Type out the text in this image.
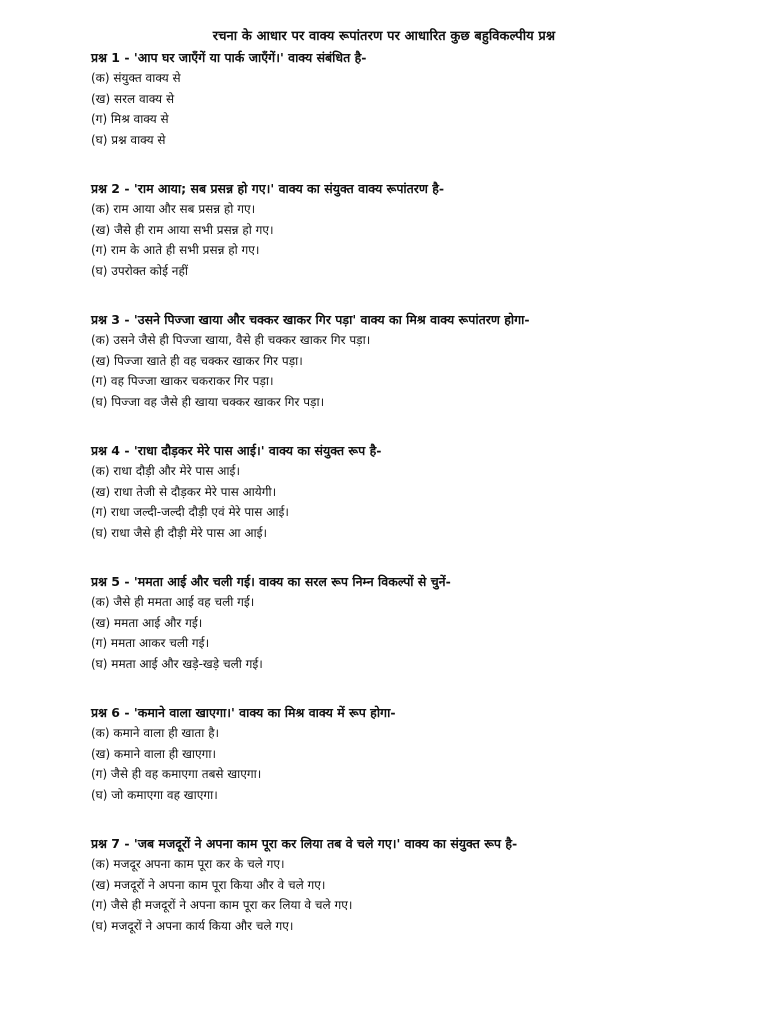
रचना के आधार पर वाक्य रूपांतरण पर आधारित कुछ बहुविकल्पीय प्रश्न
प्रश्न 1 - 'आप घर जाएँगें या पार्क जाएँगें।' वाक्य संबंधित है-
(क) संयुक्त वाक्य से
(ख) सरल वाक्य से
(ग) मिश्र वाक्य से
(घ) प्रश्न वाक्य से
प्रश्न 2 - 'राम आया; सब प्रसन्न हो गए।' वाक्य का संयुक्त वाक्य रूपांतरण है-
(क) राम आया और सब प्रसन्न हो गए।
(ख) जैसे ही राम आया सभी प्रसन्न हो गए।
(ग) राम के आते ही सभी प्रसन्न हो गए।
(घ) उपरोक्त कोई नहीं
प्रश्न 3 - 'उसने पिज्जा खाया और चक्कर खाकर गिर पड़ा' वाक्य का मिश्र वाक्य रूपांतरण होगा-
(क) उसने जैसे ही पिज्जा खाया, वैसे ही चक्कर खाकर गिर पड़ा।
(ख) पिज्जा खाते ही वह चक्कर खाकर गिर पड़ा।
(ग) वह पिज्जा खाकर चकराकर गिर पड़ा।
(घ) पिज्जा वह जैसे ही खाया चक्कर खाकर गिर पड़ा।
प्रश्न 4 - 'राधा दौड़कर मेरे पास आई।' वाक्य का संयुक्त रूप है-
(क) राधा दौड़ी और मेरे पास आई।
(ख) राधा तेजी से दौड़कर मेरे पास आयेगी।
(ग) राधा जल्दी-जल्दी दौड़ी एवं मेरे पास आई।
(घ) राधा जैसे ही दौड़ी मेरे पास आ आई।
प्रश्न 5 - 'ममता आई और चली गई। वाक्य का सरल रूप निम्न विकल्पों से चुनें-
(क) जैसे ही ममता आई वह चली गई।
(ख) ममता आई और गई।
(ग) ममता आकर चली गई।
(घ) ममता आई और खड़े-खड़े चली गई।
प्रश्न 6 - 'कमाने वाला खाएगा।' वाक्य का मिश्र वाक्य में रूप होगा-
(क) कमाने वाला ही खाता है।
(ख) कमाने वाला ही खाएगा।
(ग) जैसे ही वह कमाएगा तबसे खाएगा।
(घ) जो कमाएगा वह खाएगा।
प्रश्न 7 - 'जब मजदूरों ने अपना काम पूरा कर लिया तब वे चले गए।' वाक्य का संयुक्त रूप है-
(क) मजदूर अपना काम पूरा कर के चले गए।
(ख) मजदूरों ने अपना काम पूरा किया और वे चले गए।
(ग) जैसे ही मजदूरों ने अपना काम पूरा कर लिया वे चले गए।
(घ) मजदूरों ने अपना कार्य किया और चले गए।
